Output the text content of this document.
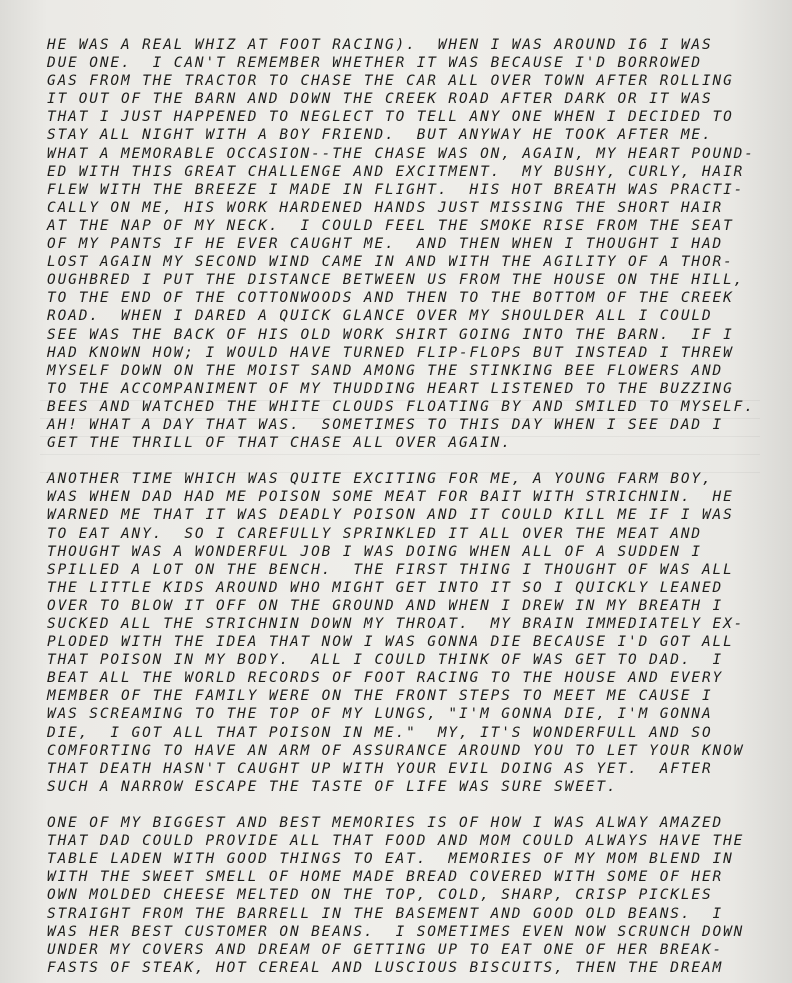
HE WAS A REAL WHIZ AT FOOT RACING).  WHEN I WAS AROUND I6 I WAS
DUE ONE.  I CAN'T REMEMBER WHETHER IT WAS BECAUSE I'D BORROWED
GAS FROM THE TRACTOR TO CHASE THE CAR ALL OVER TOWN AFTER ROLLING
IT OUT OF THE BARN AND DOWN THE CREEK ROAD AFTER DARK OR IT WAS
THAT I JUST HAPPENED TO NEGLECT TO TELL ANY ONE WHEN I DECIDED TO
STAY ALL NIGHT WITH A BOY FRIEND.  BUT ANYWAY HE TOOK AFTER ME.
WHAT A MEMORABLE OCCASION--THE CHASE WAS ON, AGAIN, MY HEART POUND-
ED WITH THIS GREAT CHALLENGE AND EXCITMENT.  MY BUSHY, CURLY, HAIR
FLEW WITH THE BREEZE I MADE IN FLIGHT.  HIS HOT BREATH WAS PRACTI-
CALLY ON ME, HIS WORK HARDENED HANDS JUST MISSING THE SHORT HAIR
AT THE NAP OF MY NECK.  I COULD FEEL THE SMOKE RISE FROM THE SEAT
OF MY PANTS IF HE EVER CAUGHT ME.  AND THEN WHEN I THOUGHT I HAD
LOST AGAIN MY SECOND WIND CAME IN AND WITH THE AGILITY OF A THOR-
OUGHBRED I PUT THE DISTANCE BETWEEN US FROM THE HOUSE ON THE HILL,
TO THE END OF THE COTTONWOODS AND THEN TO THE BOTTOM OF THE CREEK
ROAD.  WHEN I DARED A QUICK GLANCE OVER MY SHOULDER ALL I COULD
SEE WAS THE BACK OF HIS OLD WORK SHIRT GOING INTO THE BARN.  IF I
HAD KNOWN HOW; I WOULD HAVE TURNED FLIP-FLOPS BUT INSTEAD I THREW
MYSELF DOWN ON THE MOIST SAND AMONG THE STINKING BEE FLOWERS AND
TO THE ACCOMPANIMENT OF MY THUDDING HEART LISTENED TO THE BUZZING
BEES AND WATCHED THE WHITE CLOUDS FLOATING BY AND SMILED TO MYSELF.
AH! WHAT A DAY THAT WAS.  SOMETIMES TO THIS DAY WHEN I SEE DAD I
GET THE THRILL OF THAT CHASE ALL OVER AGAIN.
ANOTHER TIME WHICH WAS QUITE EXCITING FOR ME, A YOUNG FARM BOY,
WAS WHEN DAD HAD ME POISON SOME MEAT FOR BAIT WITH STRICHNIN.  HE
WARNED ME THAT IT WAS DEADLY POISON AND IT COULD KILL ME IF I WAS
TO EAT ANY.  SO I CAREFULLY SPRINKLED IT ALL OVER THE MEAT AND
THOUGHT WAS A WONDERFUL JOB I WAS DOING WHEN ALL OF A SUDDEN I
SPILLED A LOT ON THE BENCH.  THE FIRST THING I THOUGHT OF WAS ALL
THE LITTLE KIDS AROUND WHO MIGHT GET INTO IT SO I QUICKLY LEANED
OVER TO BLOW IT OFF ON THE GROUND AND WHEN I DREW IN MY BREATH I
SUCKED ALL THE STRICHNIN DOWN MY THROAT.  MY BRAIN IMMEDIATELY EX-
PLODED WITH THE IDEA THAT NOW I WAS GONNA DIE BECAUSE I'D GOT ALL
THAT POISON IN MY BODY.  ALL I COULD THINK OF WAS GET TO DAD.  I
BEAT ALL THE WORLD RECORDS OF FOOT RACING TO THE HOUSE AND EVERY
MEMBER OF THE FAMILY WERE ON THE FRONT STEPS TO MEET ME CAUSE I
WAS SCREAMING TO THE TOP OF MY LUNGS, "I'M GONNA DIE, I'M GONNA
DIE,  I GOT ALL THAT POISON IN ME."  MY, IT'S WONDERFULL AND SO
COMFORTING TO HAVE AN ARM OF ASSURANCE AROUND YOU TO LET YOUR KNOW
THAT DEATH HASN'T CAUGHT UP WITH YOUR EVIL DOING AS YET.  AFTER
SUCH A NARROW ESCAPE THE TASTE OF LIFE WAS SURE SWEET.
ONE OF MY BIGGEST AND BEST MEMORIES IS OF HOW I WAS ALWAY AMAZED
THAT DAD COULD PROVIDE ALL THAT FOOD AND MOM COULD ALWAYS HAVE THE
TABLE LADEN WITH GOOD THINGS TO EAT.  MEMORIES OF MY MOM BLEND IN
WITH THE SWEET SMELL OF HOME MADE BREAD COVERED WITH SOME OF HER
OWN MOLDED CHEESE MELTED ON THE TOP, COLD, SHARP, CRISP PICKLES
STRAIGHT FROM THE BARRELL IN THE BASEMENT AND GOOD OLD BEANS.  I
WAS HER BEST CUSTOMER ON BEANS.  I SOMETIMES EVEN NOW SCRUNCH DOWN
UNDER MY COVERS AND DREAM OF GETTING UP TO EAT ONE OF HER BREAK-
FASTS OF STEAK, HOT CEREAL AND LUSCIOUS BISCUITS, THEN THE DREAM
